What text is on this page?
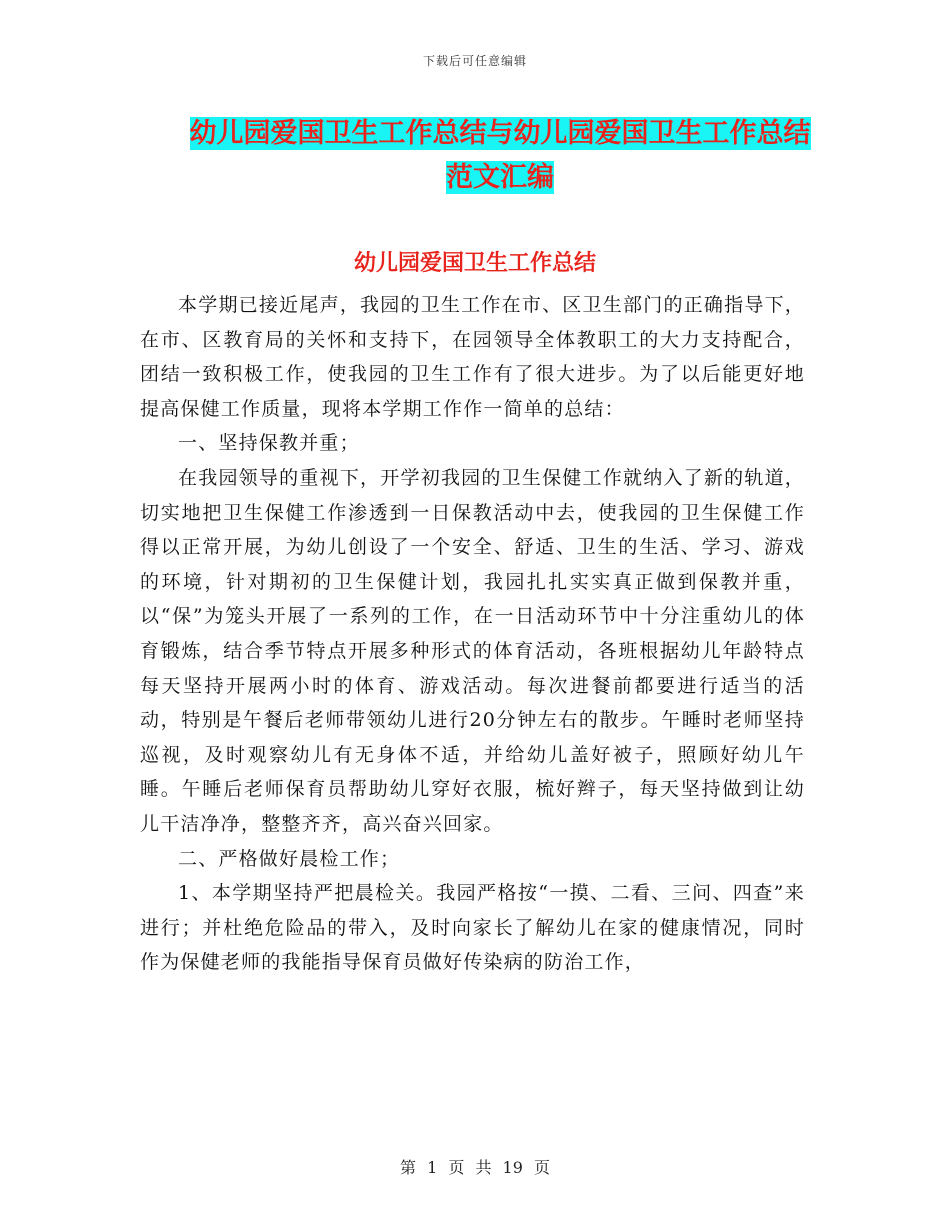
下载后可任意编辑
幼儿园爱国卫生工作总结与幼儿园爱国卫生工作总结
范文汇编
幼儿园爱国卫生工作总结

本学期已接近尾声，我园的卫生工作在市、区卫生部门的正确指导下，在市、区教育局的关怀和支持下，在园领导全体教职工的大力支持配合，团结一致积极工作，使我园的卫生工作有了很大进步。为了以后能更好地提高保健工作质量，现将本学期工作作一简单的总结：

一、坚持保教并重；

在我园领导的重视下，开学初我园的卫生保健工作就纳入了新的轨道，切实地把卫生保健工作渗透到一日保教活动中去，使我园的卫生保健工作得以正常开展，为幼儿创设了一个安全、舒适、卫生的生活、学习、游戏的环境，针对期初的卫生保健计划，我园扎扎实实真正做到保教并重，以“保”为笼头开展了一系列的工作，在一日活动环节中十分注重幼儿的体育锻炼，结合季节特点开展多种形式的体育活动，各班根据幼儿年龄特点每天坚持开展两小时的体育、游戏活动。每次进餐前都要进行适当的活动，特别是午餐后老师带领幼儿进行20分钟左右的散步。午睡时老师坚持巡视，及时观察幼儿有无身体不适，并给幼儿盖好被子，照顾好幼儿午睡。午睡后老师保育员帮助幼儿穿好衣服，梳好辫子，每天坚持做到让幼儿干洁净净，整整齐齐，高兴奋兴回家。

二、严格做好晨检工作；

1、本学期坚持严把晨检关。我园严格按“一摸、二看、三问、四查”来进行；并杜绝危险品的带入，及时向家长了解幼儿在家的健康情况，同时作为保健老师的我能指导保育员做好传染病的防治工作，

第 1 页 共 19 页
